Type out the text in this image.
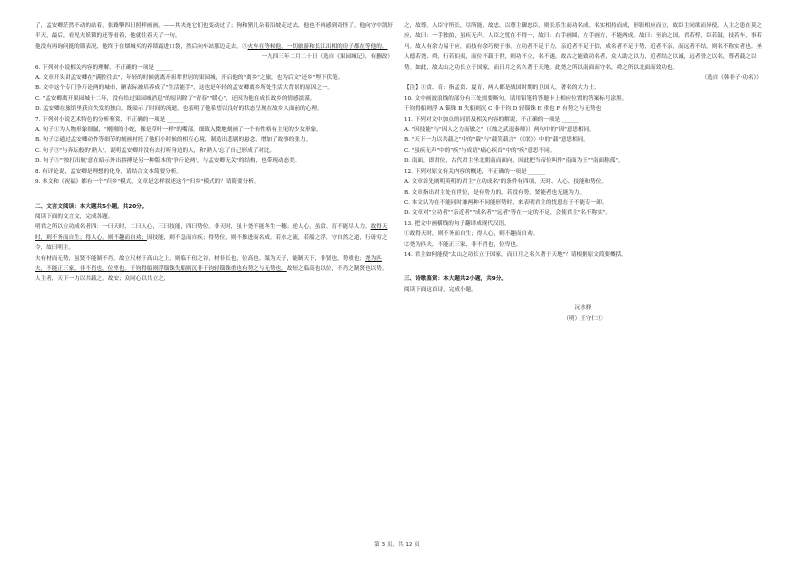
了，孟安卿茫然不动的站着，张路擎四日照样画画，——其夹连它们也变动过了；狗和猪儿杂着沿坡走过去，他也不再感到奇怪了。他向守中凯好半天，最后，看见夫妖锁的还等看着，他就往着天了一句。

他没有再询问挺的锁表况，他终于在烟城买的养锁霜进口袋，然后向车站那边走去。⑤火车在等候他，一切旅游和长江出相的房子都在等他的。

一九四三年二月二十日（选自《果园城记》，有删改）

6. 下列对小说相关内容的理解，不正确的一项是 ______

A. 文章开头讲孟安卿在"满腔往去"，年轻的时候就离开祖辈世居的果园城，开启他的"离乡"之旅，也为后文"还乡"埋下伏笔。

B. 文中这个专门争斤论两的城市，陋表际被培养成了"生活能手"，这也是年轻的孟安卿离乡所处生活大背景的原因之一。

C. "孟安卿离开果园城十二年，没有给过果园城消息"的原因除了"青春""暖心"，还因为他在成长故乡的情感淡漠。

D. 孟安卿在旅馆里获自失发的独白，既暗示了时间的流逝，也表明了他希望以良好的状态呈现在故乡人面前的心理。

7. 下列对小说艺术特色的分析鉴赏，不正确的一项是 ______

A. 句子①为人物形象细腻，"刚刚的小蛇，像是草叶一样"的嘴部，细致入微地刻画了一个有性格有主见的少女形象。

B. 句子②通过孟安卿动作等细节的刻画衬托了他们小时候的相互心境，制造出悲剧的悬念，增加了故事的张力。

C. 句子③"与奔坛般的'熟人'，说明孟安卿并没有去打听身边的人，和'熟人'忘了自己形成了对比。

D. 句子⑤"'按打出航'意在暗示外出拚搏是另一种版本的'争斤论两'，与孟安卿无关"的结构，也带现动态美。

8. 有评论说，孟安卿是理想的化身，请结合文本简要分析。

9. 本文和《祝福》都有一个"归乡"模式，文章是怎样叙述这个"归乡"模式的？请简要分析。

二、文言文阅读：本大题共5小题，共20分。

阅读下面的文言文，完成各题。

明君之所以立功成名者四：一曰天时，二曰人心，三曰技能，四曰势位。非天时，虽十尧不能冬生一穗；逆人心，虽贲、育不能尽人力。故得天时，则不务而自生；得人心，则不趣而自劝；因技能，则不急而自疾；得势位，则不推进而名成。若水之流，若船之浮，守自然之道，行毋穷之令，故曰明主。

夫有材而无势，虽贤不能制不肖。故立尺材于高山之上，则临千仞之谷，材非长也，位高也。桀为天子，能制天下，非贤也，势重也；尧为匹夫，不能正三家，非不肖也，位卑也。千钧得船则浮锱铢失船则沉非千钧轻锱铢重也有势之与无势也。故短之临高也以位，不肖之制贤也以势。人主者，天下一力以共载之，故安；众同心以共立之，

之，故尊。人臣守所长，尽所能，故忠。以尊主御忠臣，则长乐生而功名成。名实相持而成，形影相应而立，故臣主同欲而异使。人主之患在莫之应，故曰：一手独拍，虽疾无声。人臣之忧在不得一，故曰：右手画圆，左手画方，不能两成。故曰：至治之国，君若桴，臣若鼓，技若车，事若马。故人有余力易于应，而技有余巧便于事。立功者不足于力，亲近者不足于信，成名者不足于势，近者不亲，而远者不结，则名不称实者也。圣人德若尧、舜，行若伯夷，而位不载于世，则功不立，名不遂。故古之能致功名者，众人助之以力，近者结之以诚，远者誉之以名，尊者载之以势。如此，故太山之功长立于国家，而日月之名久著于天地。此尧之所以南面而守名，舜之所以北面而效功也。

（选自《韩非子·功名》）

【注】①贲、育：指孟贲、夏育，两人都是战国时期的卫国人，著名的大力士。

10. 文中画波浪线的部分有三处需要断句，请用铅笔将答题卡上相应位置的答案标号涂黑。

千钧得船则浮 A 锱铢 B 失船则沉 C 非千钧 D 轻锱铢 E 重也 F 有势之与无势也

11. 下列对文中加点的词语及相关内容的解说，不正确的一项是 ______

A. "因技能"与"因人之力而敏之"（《烛之武退秦师》）两句中的"因"意思相同。

B. "天下一力以共载之"中的"载"与"载笑载言"（《氓》）中的"载"意思相同。

C. "虽疾无声"中的"疾"与成语"痛心疾首"中的"疾"意思不同。

D. 南面，即君位，古代君主坐北朝南而面向，因此把当帝位叫作"南面为王""南面称孤"。

12. 下列对原文有关内容的概述，不正确的一项是 ______

A. 文章首先阐明英明的君主"立功成名"的条件有四项，天时、人心、技能和势位。

B. 文章指出君主处在世位，是有势力的，若没有势，贤能者也无能为力。

C. 本文认为在不能同时兼两种不同能形势时，来表明君主的忧患在于不能专一卸。

D. 文章对"立功者""亲近者""成名者""远者"等在一定的不足，会使君主"名不称实"。

13. 把文中画横线的句子翻译成现代汉语。

①故得天时，则不务而自生；得人心，则不趣而自劝。

②尧为匹夫，不能正三家，非不肖也，位卑也。

14. 君主如何能使"太山之功长立于国家，而日月之名久著于天地"？请根据原文简要概括。

三、诗歌鉴赏：本大题共2小题，共9分。

阅读下面这首诗，完成小题。

沅水驿

（明）王守仁①

第 3 页，共 12 页
